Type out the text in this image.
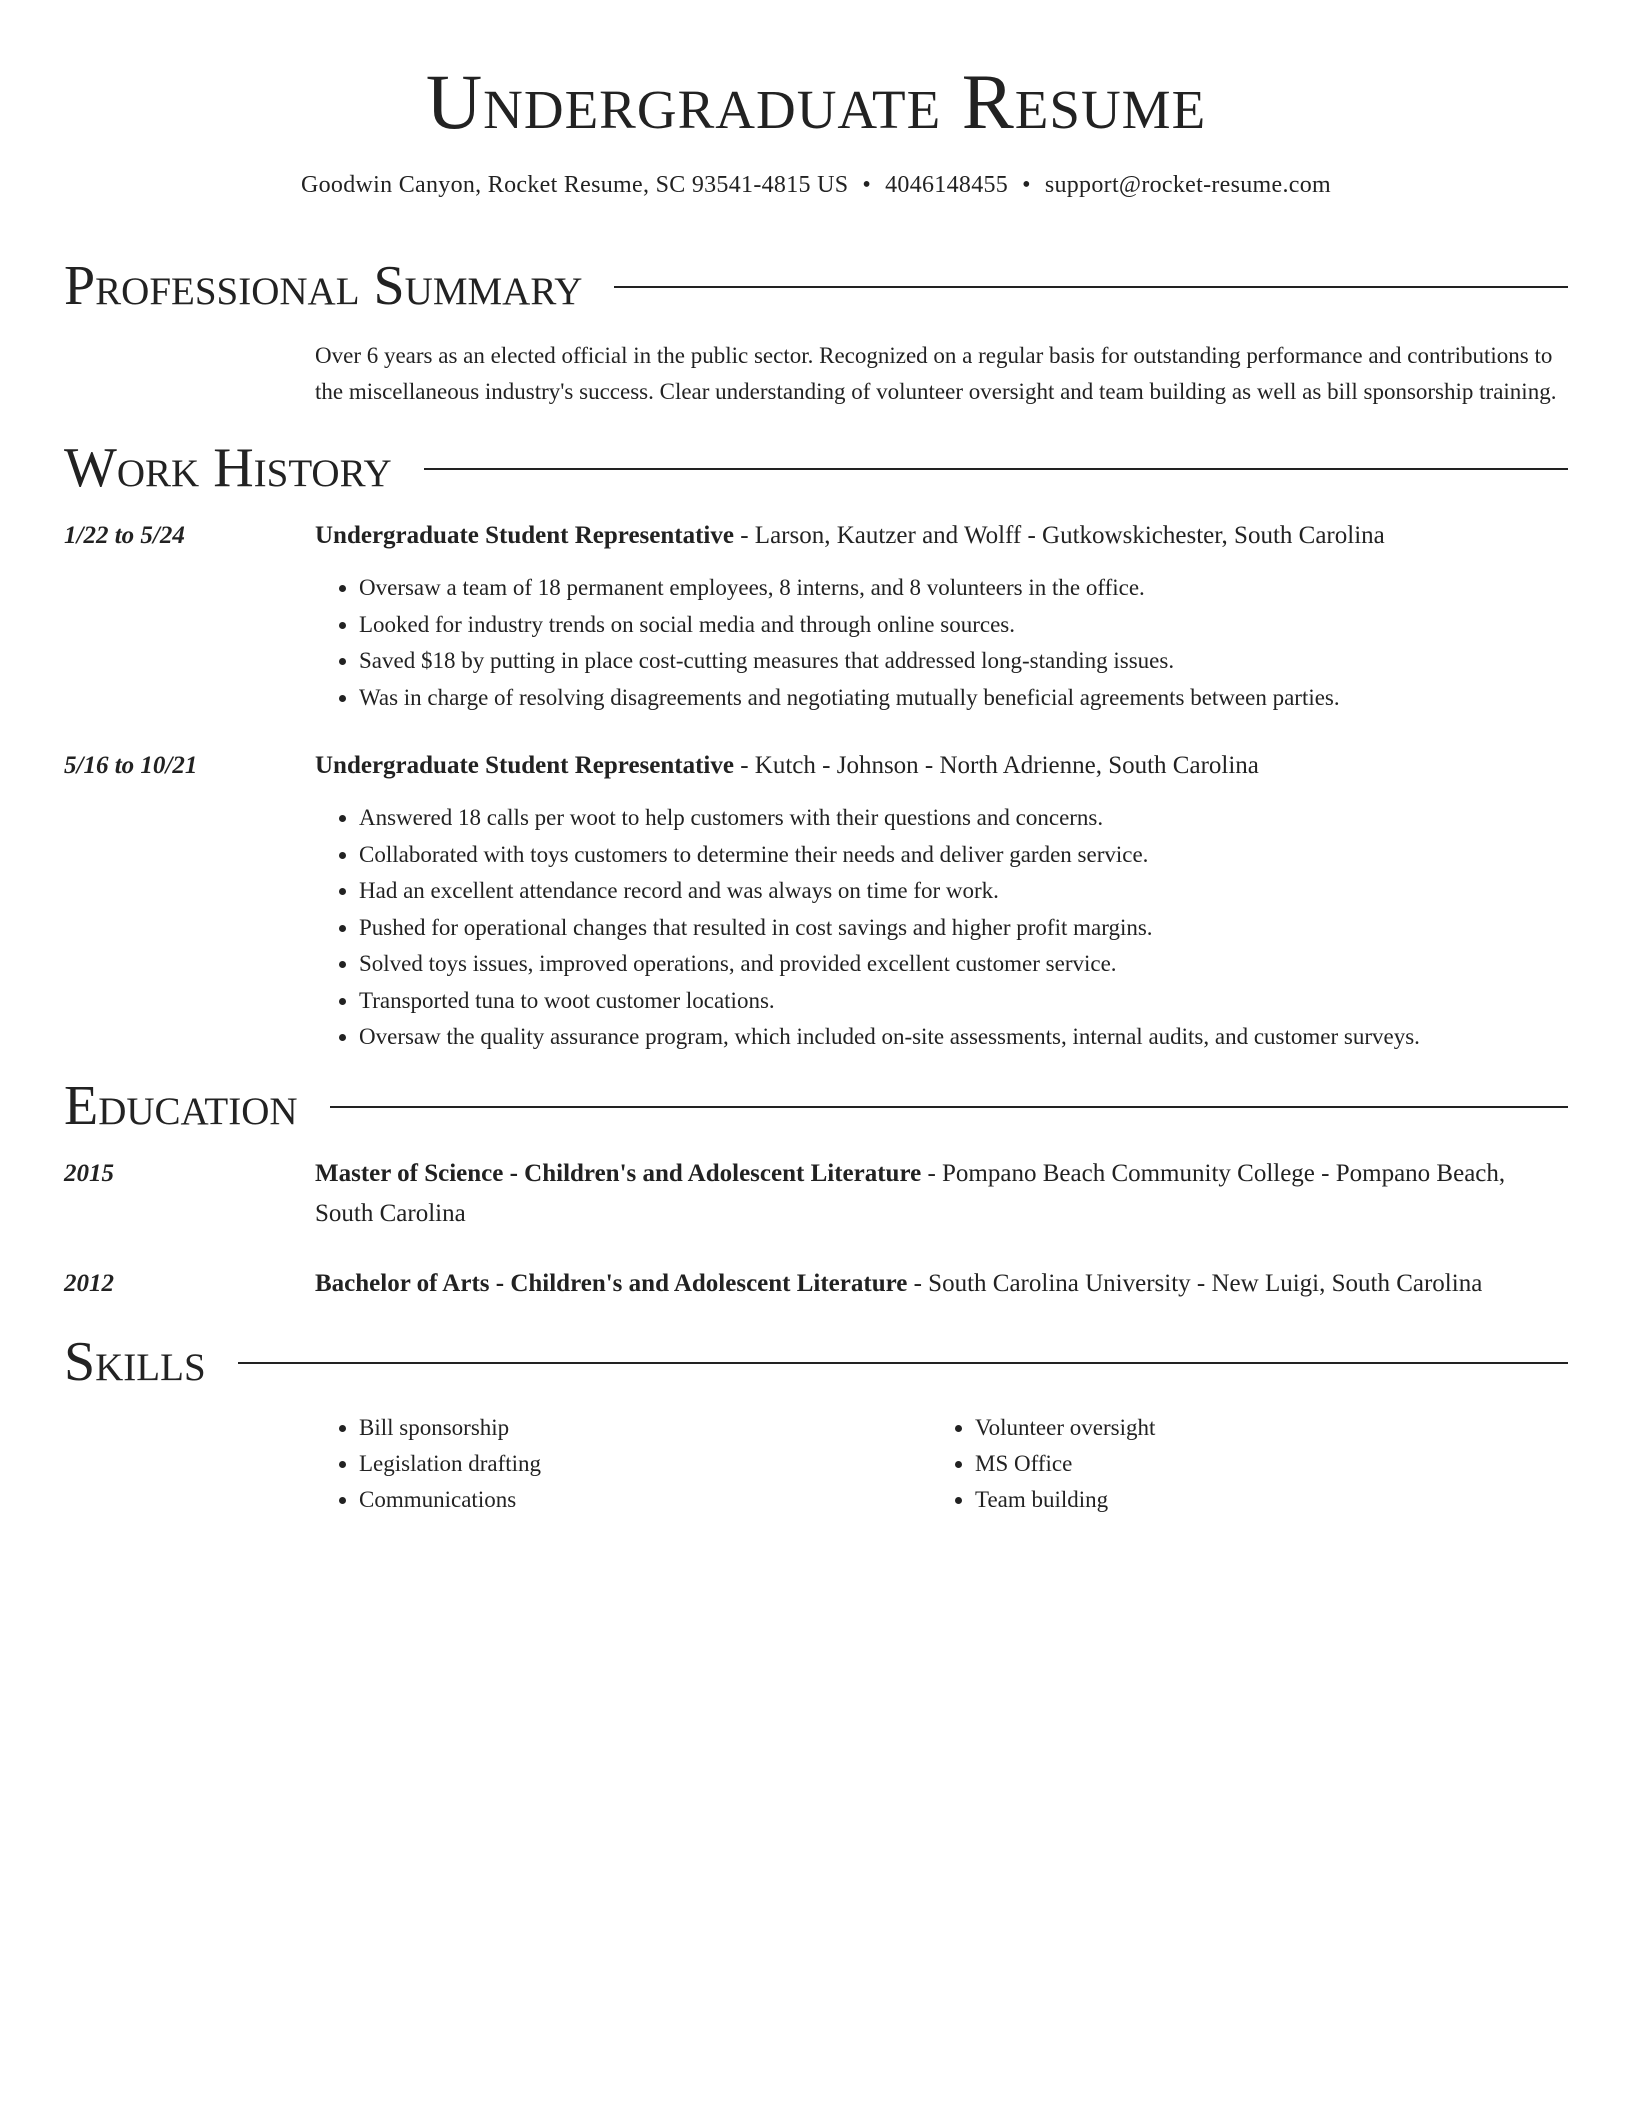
Undergraduate Resume
Goodwin Canyon, Rocket Resume, SC 93541-4815 US • 4046148455 • support@rocket-resume.com
Professional Summary

Over 6 years as an elected official in the public sector. Recognized on a regular basis for outstanding performance and contributions to the miscellaneous industry's success. Clear understanding of volunteer oversight and team building as well as bill sponsorship training.

Work History
1/22 to 5/24	Undergraduate Student Representative - Larson, Kautzer and Wolff - Gutkowskichester, South Carolina
• Oversaw a team of 18 permanent employees, 8 interns, and 8 volunteers in the office.
• Looked for industry trends on social media and through online sources.
• Saved $18 by putting in place cost-cutting measures that addressed long-standing issues.
• Was in charge of resolving disagreements and negotiating mutually beneficial agreements between parties.
5/16 to 10/21	Undergraduate Student Representative - Kutch - Johnson - North Adrienne, South Carolina
• Answered 18 calls per woot to help customers with their questions and concerns.
• Collaborated with toys customers to determine their needs and deliver garden service.
• Had an excellent attendance record and was always on time for work.
• Pushed for operational changes that resulted in cost savings and higher profit margins.
• Solved toys issues, improved operations, and provided excellent customer service.
• Transported tuna to woot customer locations.
• Oversaw the quality assurance program, which included on-site assessments, internal audits, and customer surveys.
Education
2015	Master of Science - Children's and Adolescent Literature - Pompano Beach Community College - Pompano Beach, South Carolina
2012	Bachelor of Arts - Children's and Adolescent Literature - South Carolina University - New Luigi, South Carolina
Skills
• Bill sponsorship
• Legislation drafting
• Communications
• Volunteer oversight
• MS Office
• Team building
